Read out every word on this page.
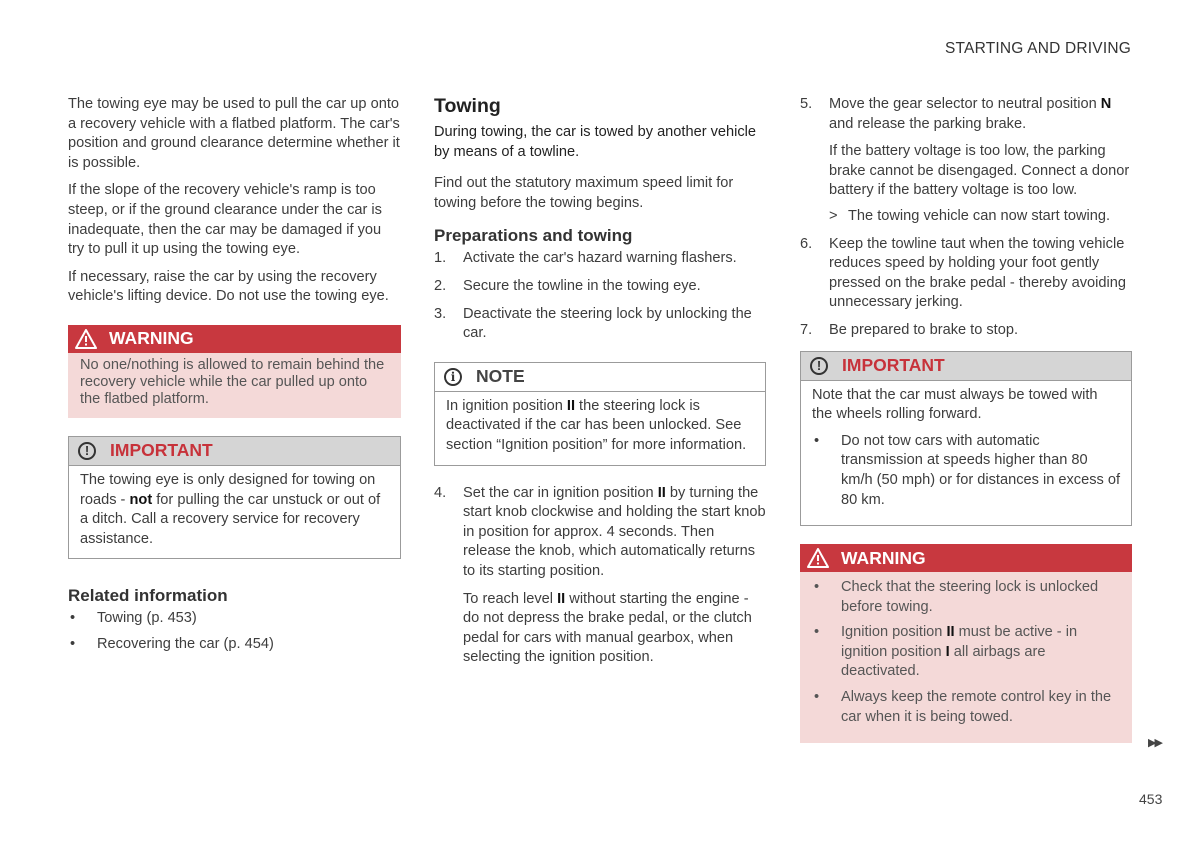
STARTING AND DRIVING

The towing eye may be used to pull the car up onto a recovery vehicle with a flatbed platform. The car's position and ground clearance determine whether it is possible.

If the slope of the recovery vehicle's ramp is too steep, or if the ground clearance under the car is inadequate, then the car may be damaged if you try to pull it up using the towing eye.

If necessary, raise the car by using the recovery vehicle's lifting device. Do not use the towing eye.

WARNING

No one/nothing is allowed to remain behind the recovery vehicle while the car pulled up onto the flatbed platform.

!	IMPORTANT

The towing eye is only designed for towing on roads - not for pulling the car unstuck or out of a ditch. Call a recovery service for recovery assistance.

Related information
• Towing (p. 453)
• Recovering the car (p. 454)
Towing

During towing, the car is towed by another vehicle by means of a towline.

Find out the statutory maximum speed limit for towing before the towing begins.

Preparations and towing
1. Activate the car's hazard warning flashers.
2. Secure the towline in the towing eye.
3. Deactivate the steering lock by unlocking the car.
i	NOTE

In ignition position II the steering lock is deactivated if the car has been unlocked. See section “Ignition position” for more information.

4. Set the car in ignition position II by turning the start knob clockwise and holding the start knob in position for approx. 4 seconds. Then release the knob, which automatically returns to its starting position.

To reach level II without starting the engine - do not depress the brake pedal, or the clutch pedal for cars with manual gearbox, when selecting the ignition position.

5. Move the gear selector to neutral position N and release the parking brake.

If the battery voltage is too low, the parking brake cannot be disengaged. Connect a donor battery if the battery voltage is too low.

> The towing vehicle can now start towing.

6. Keep the towline taut when the towing vehicle reduces speed by holding your foot gently pressed on the brake pedal - thereby avoiding unnecessary jerking.
7. Be prepared to brake to stop.
!	IMPORTANT

Note that the car must always be towed with the wheels rolling forward.

• Do not tow cars with automatic transmission at speeds higher than 80 km/h (50 mph) or for distances in excess of 80 km.
WARNING
• Check that the steering lock is unlocked before towing.
• Ignition position II must be active - in ignition position I all airbags are deactivated.
• Always keep the remote control key in the car when it is being towed.
▶▶
453
